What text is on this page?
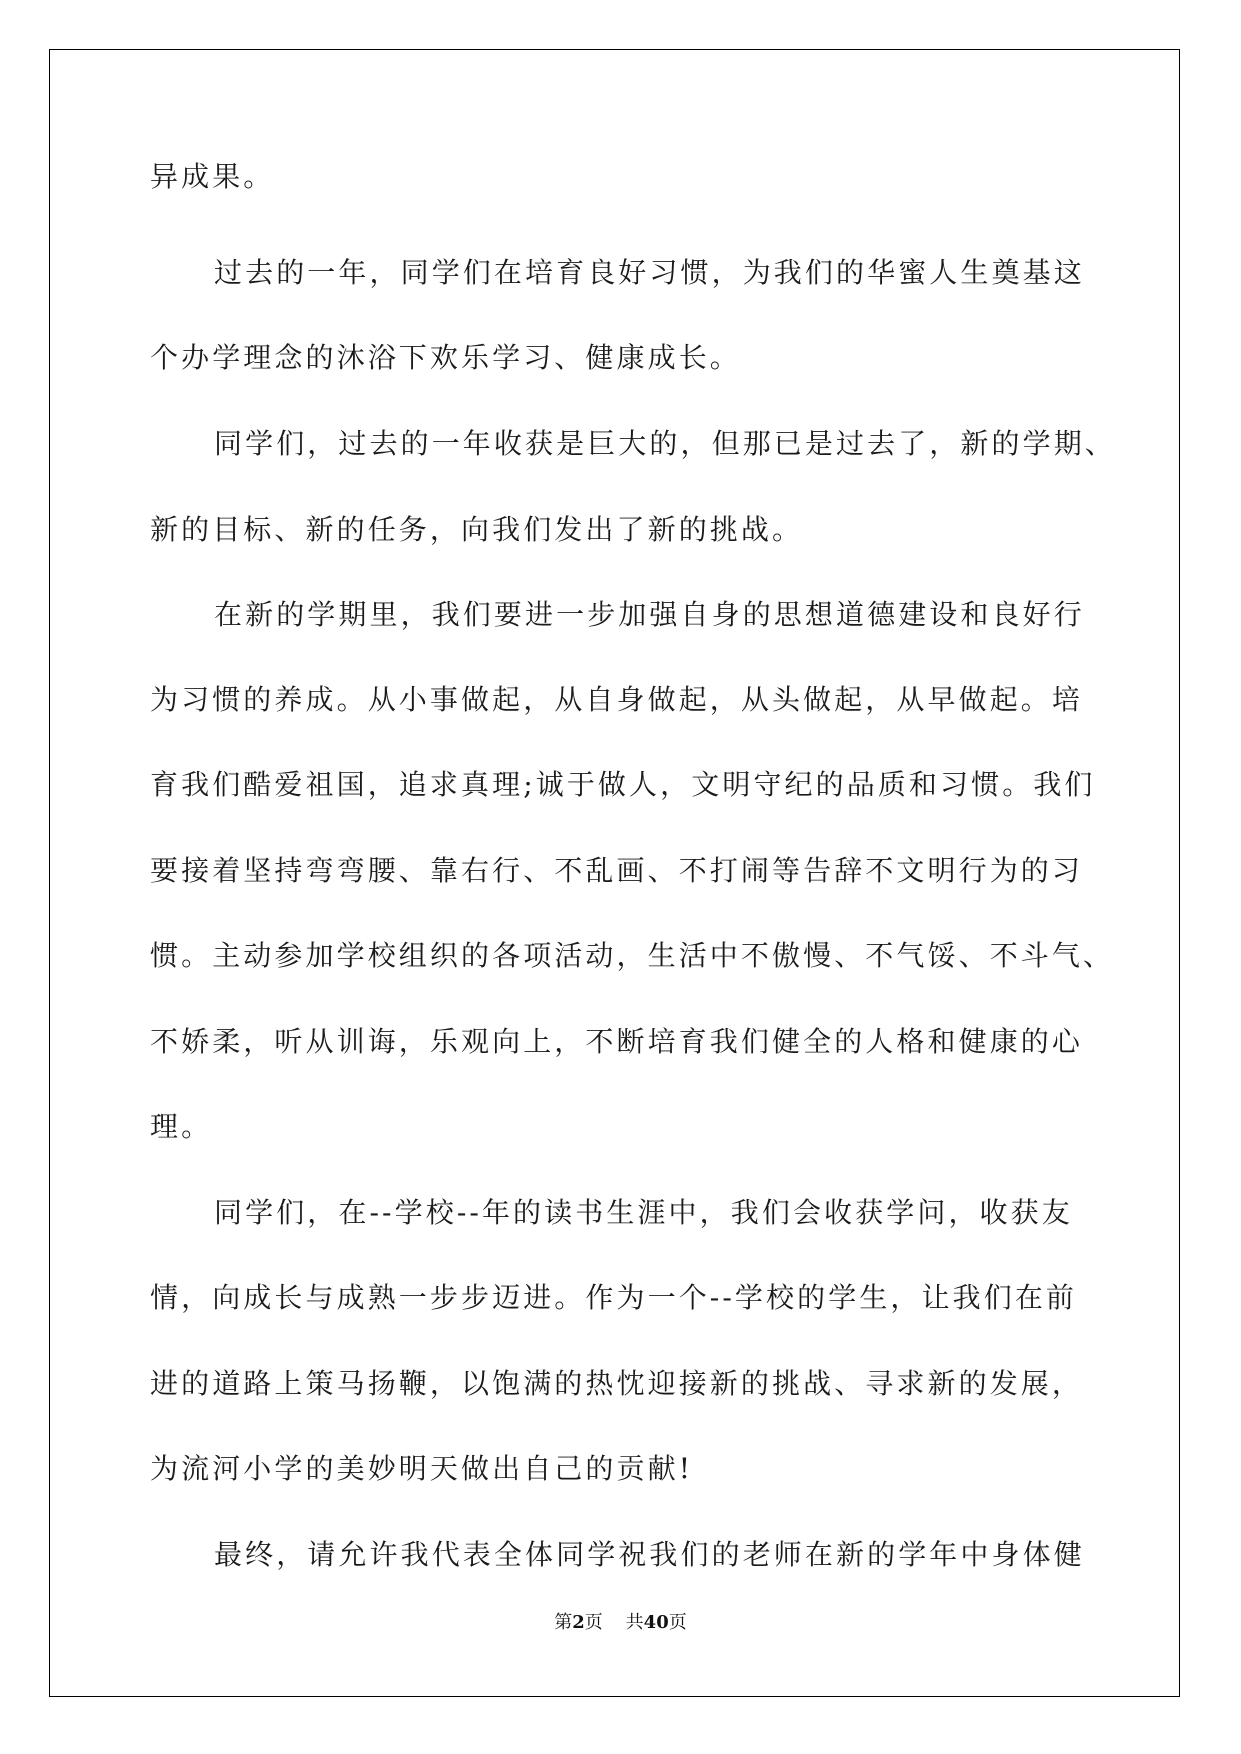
异成果。
过去的一年，同学们在培育良好习惯，为我们的华蜜人生奠基这
个办学理念的沐浴下欢乐学习、健康成长。
同学们，过去的一年收获是巨大的，但那已是过去了，新的学期、
新的目标、新的任务，向我们发出了新的挑战。
在新的学期里，我们要进一步加强自身的思想道德建设和良好行
为习惯的养成。从小事做起，从自身做起，从头做起，从早做起。培
育我们酷爱祖国，追求真理;诚于做人，文明守纪的品质和习惯。我们
要接着坚持弯弯腰、靠右行、不乱画、不打闹等告辞不文明行为的习
惯。主动参加学校组织的各项活动，生活中不傲慢、不气馁、不斗气、
不娇柔，听从训诲，乐观向上，不断培育我们健全的人格和健康的心
理。
同学们，在--学校--年的读书生涯中，我们会收获学问，收获友
情，向成长与成熟一步步迈进。作为一个--学校的学生，让我们在前
进的道路上策马扬鞭，以饱满的热忱迎接新的挑战、寻求新的发展，
为流河小学的美妙明天做出自己的贡献!
最终，请允许我代表全体同学祝我们的老师在新的学年中身体健
第2页 共40页
